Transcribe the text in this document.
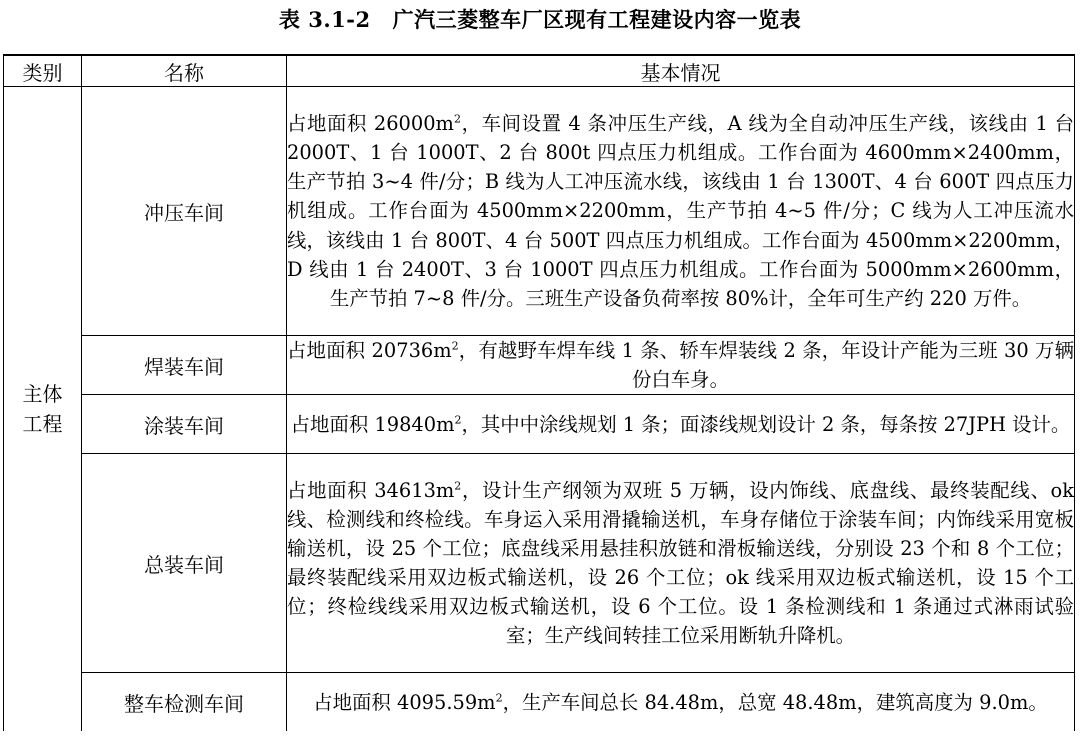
表 3.1-2 广汽三菱整车厂区现有工程建设内容一览表
类别	名称	基本情况
主体
工程	冲压车间	占地面积 $26000m^2$，车间设置 4 条冲压生产线，A 线为全自动冲压生产线，该线由 1 台 2000T、1 台 1000T、2 台 800t 四点压力机组成。工作台面为 4600mm×2400mm，生产节拍 3~4 件/分；B 线为人工冲压流水线，该线由 1 台 1300T、4 台 600T 四点压力机组成。工作台面为 4500mm×2200mm，生产节拍 4~5 件/分；C 线为人工冲压流水线，该线由 1 台 800T、4 台 500T 四点压力机组成。工作台面为 4500mm×2200mm，D 线由 1 台 2400T、3 台 1000T 四点压力机组成。工作台面为 5000mm×2600mm，生产节拍 7~8 件/分。三班生产设备负荷率按 80%计，全年可生产约 220 万件。
	焊装车间	占地面积 $20736m^2$，有越野车焊车线 1 条、轿车焊装线 2 条，年设计产能为三班 30 万辆份白车身。
	涂装车间	占地面积 $19840m^2$，其中中涂线规划 1 条；面漆线规划设计 2 条，每条按 27JPH 设计。
	总装车间	占地面积 $34613m^2$，设计生产纲领为双班 5 万辆，设内饰线、底盘线、最终装配线、ok 线、检测线和终检线。车身运入采用滑撬输送机，车身存储位于涂装车间；内饰线采用宽板输送机，设 25 个工位；底盘线采用悬挂积放链和滑板输送线，分别设 23 个和 8 个工位；最终装配线采用双边板式输送机，设 26 个工位；ok 线采用双边板式输送机，设 15 个工位；终检线线采用双边板式输送机，设 6 个工位。设 1 条检测线和 1 条通过式淋雨试验室；生产线间转挂工位采用断轨升降机。
	整车检测车间	占地面积 $4095.59m^2$，生产车间总长 84.48m，总宽 48.48m，建筑高度为 9.0m。
